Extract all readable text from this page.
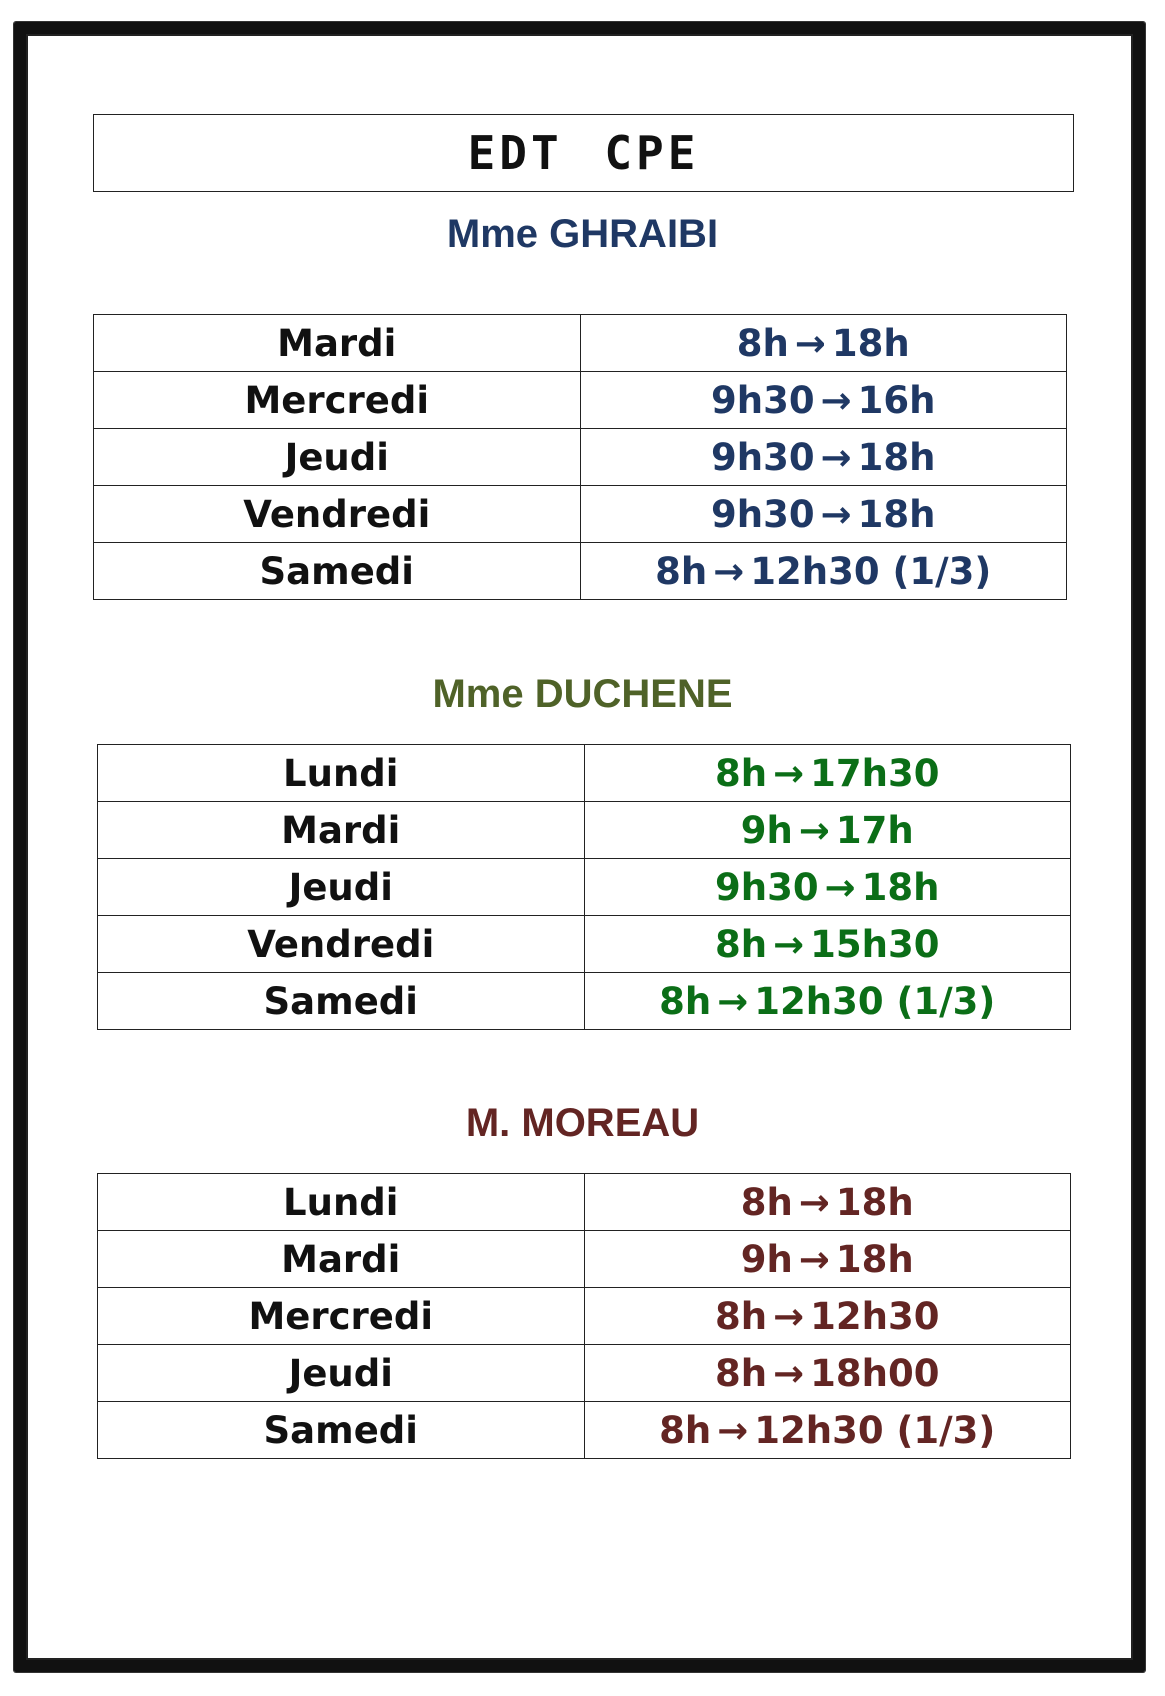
EDT CPE
Mme GHRAIBI
Mardi	8h → 18h
Mercredi	9h30 → 16h
Jeudi	9h30 → 18h
Vendredi	9h30 → 18h
Samedi	8h → 12h30 (1/3)
Mme DUCHENE
Lundi	8h → 17h30
Mardi	9h → 17h
Jeudi	9h30 → 18h
Vendredi	8h → 15h30
Samedi	8h → 12h30 (1/3)
M. MOREAU
Lundi	8h → 18h
Mardi	9h → 18h
Mercredi	8h → 12h30
Jeudi	8h → 18h00
Samedi	8h → 12h30 (1/3)
